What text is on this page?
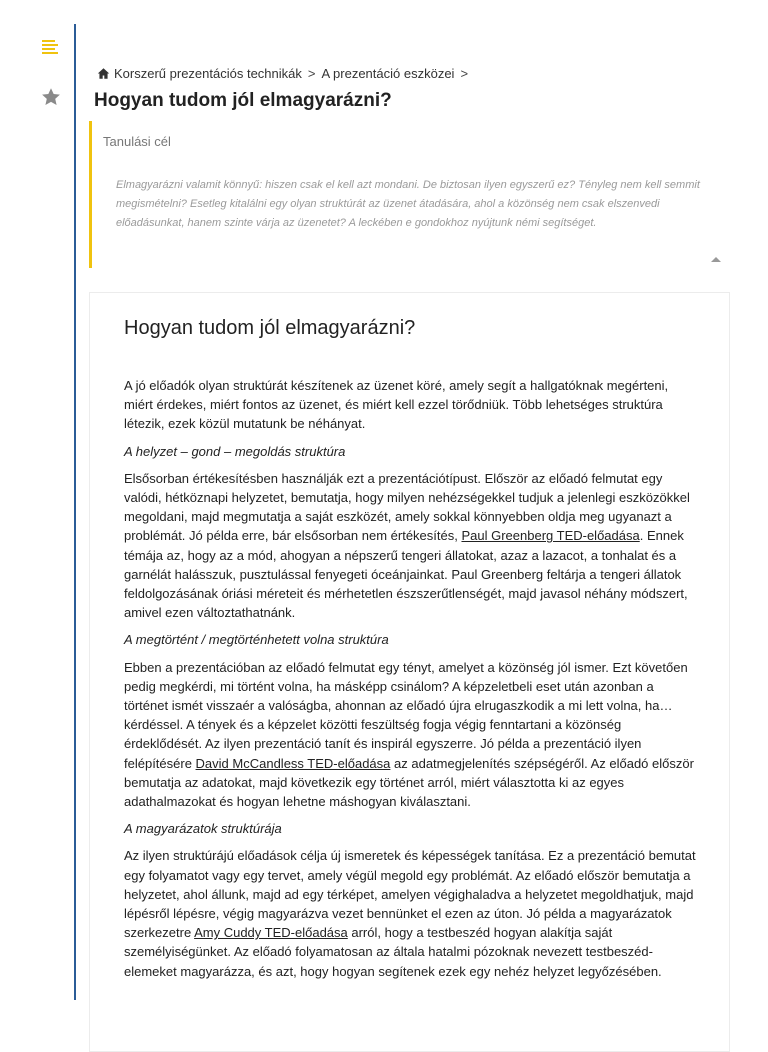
Korszerű prezentációs technikák > A prezentáció eszközei >
Hogyan tudom jól elmagyarázni?
Tanulási cél

Elmagyarázni valamit könnyű: hiszen csak el kell azt mondani. De biztosan ilyen egyszerű ez? Tényleg nem kell semmit megismételni? Esetleg kitalálni egy olyan struktúrát az üzenet átadására, ahol a közönség nem csak elszenvedi előadásunkat, hanem szinte várja az üzenetet? A leckében e gondokhoz nyújtunk némi segítséget.

Hogyan tudom jól elmagyarázni?

A jó előadók olyan struktúrát készítenek az üzenet köré, amely segít a hallgatóknak megérteni, miért érdekes, miért fontos az üzenet, és miért kell ezzel törődniük. Több lehetséges struktúra létezik, ezek közül mutatunk be néhányat.

A helyzet – gond – megoldás struktúra

Elsősorban értékesítésben használják ezt a prezentációtípust. Először az előadó felmutat egy valódi, hétköznapi helyzetet, bemutatja, hogy milyen nehézségekkel tudjuk a jelenlegi eszközökkel megoldani, majd megmutatja a saját eszközét, amely sokkal könnyebben oldja meg ugyanazt a problémát. Jó példa erre, bár elsősorban nem értékesítés, Paul Greenberg TED-előadása. Ennek témája az, hogy az a mód, ahogyan a népszerű tengeri állatokat, azaz a lazacot, a tonhalat és a garnélát halásszuk, pusztulással fenyegeti óceánjainkat. Paul Greenberg feltárja a tengeri állatok feldolgozásának óriási méreteit és mérhetetlen észszerűtlenségét, majd javasol néhány módszert, amivel ezen változtathatnánk.

A megtörtént / megtörténhetett volna struktúra

Ebben a prezentációban az előadó felmutat egy tényt, amelyet a közönség jól ismer. Ezt követően pedig megkérdi, mi történt volna, ha másképp csinálom? A képzeletbeli eset után azonban a történet ismét visszaér a valóságba, ahonnan az előadó újra elrugaszkodik a mi lett volna, ha… kérdéssel. A tények és a képzelet közötti feszültség fogja végig fenntartani a közönség érdeklődését. Az ilyen prezentáció tanít és inspirál egyszerre. Jó példa a prezentáció ilyen felépítésére David McCandless TED-előadása az adatmegjelenítés szépségéről. Az előadó először bemutatja az adatokat, majd következik egy történet arról, miért választotta ki az egyes adathalmazokat és hogyan lehetne máshogyan kiválasztani.

A magyarázatok struktúrája

Az ilyen struktúrájú előadások célja új ismeretek és képességek tanítása. Ez a prezentáció bemutat egy folyamatot vagy egy tervet, amely végül megold egy problémát. Az előadó először bemutatja a helyzetet, ahol állunk, majd ad egy térképet, amelyen végighaladva a helyzetet megoldhatjuk, majd lépésről lépésre, végig magyarázva vezet bennünket el ezen az úton. Jó példa a magyarázatok szerkezetre Amy Cuddy TED-előadása arról, hogy a testbeszéd hogyan alakítja saját személyiségünket. Az előadó folyamatosan az általa hatalmi pózoknak nevezett testbeszéd-elemeket magyarázza, és azt, hogy hogyan segítenek ezek egy nehéz helyzet legyőzésében.
